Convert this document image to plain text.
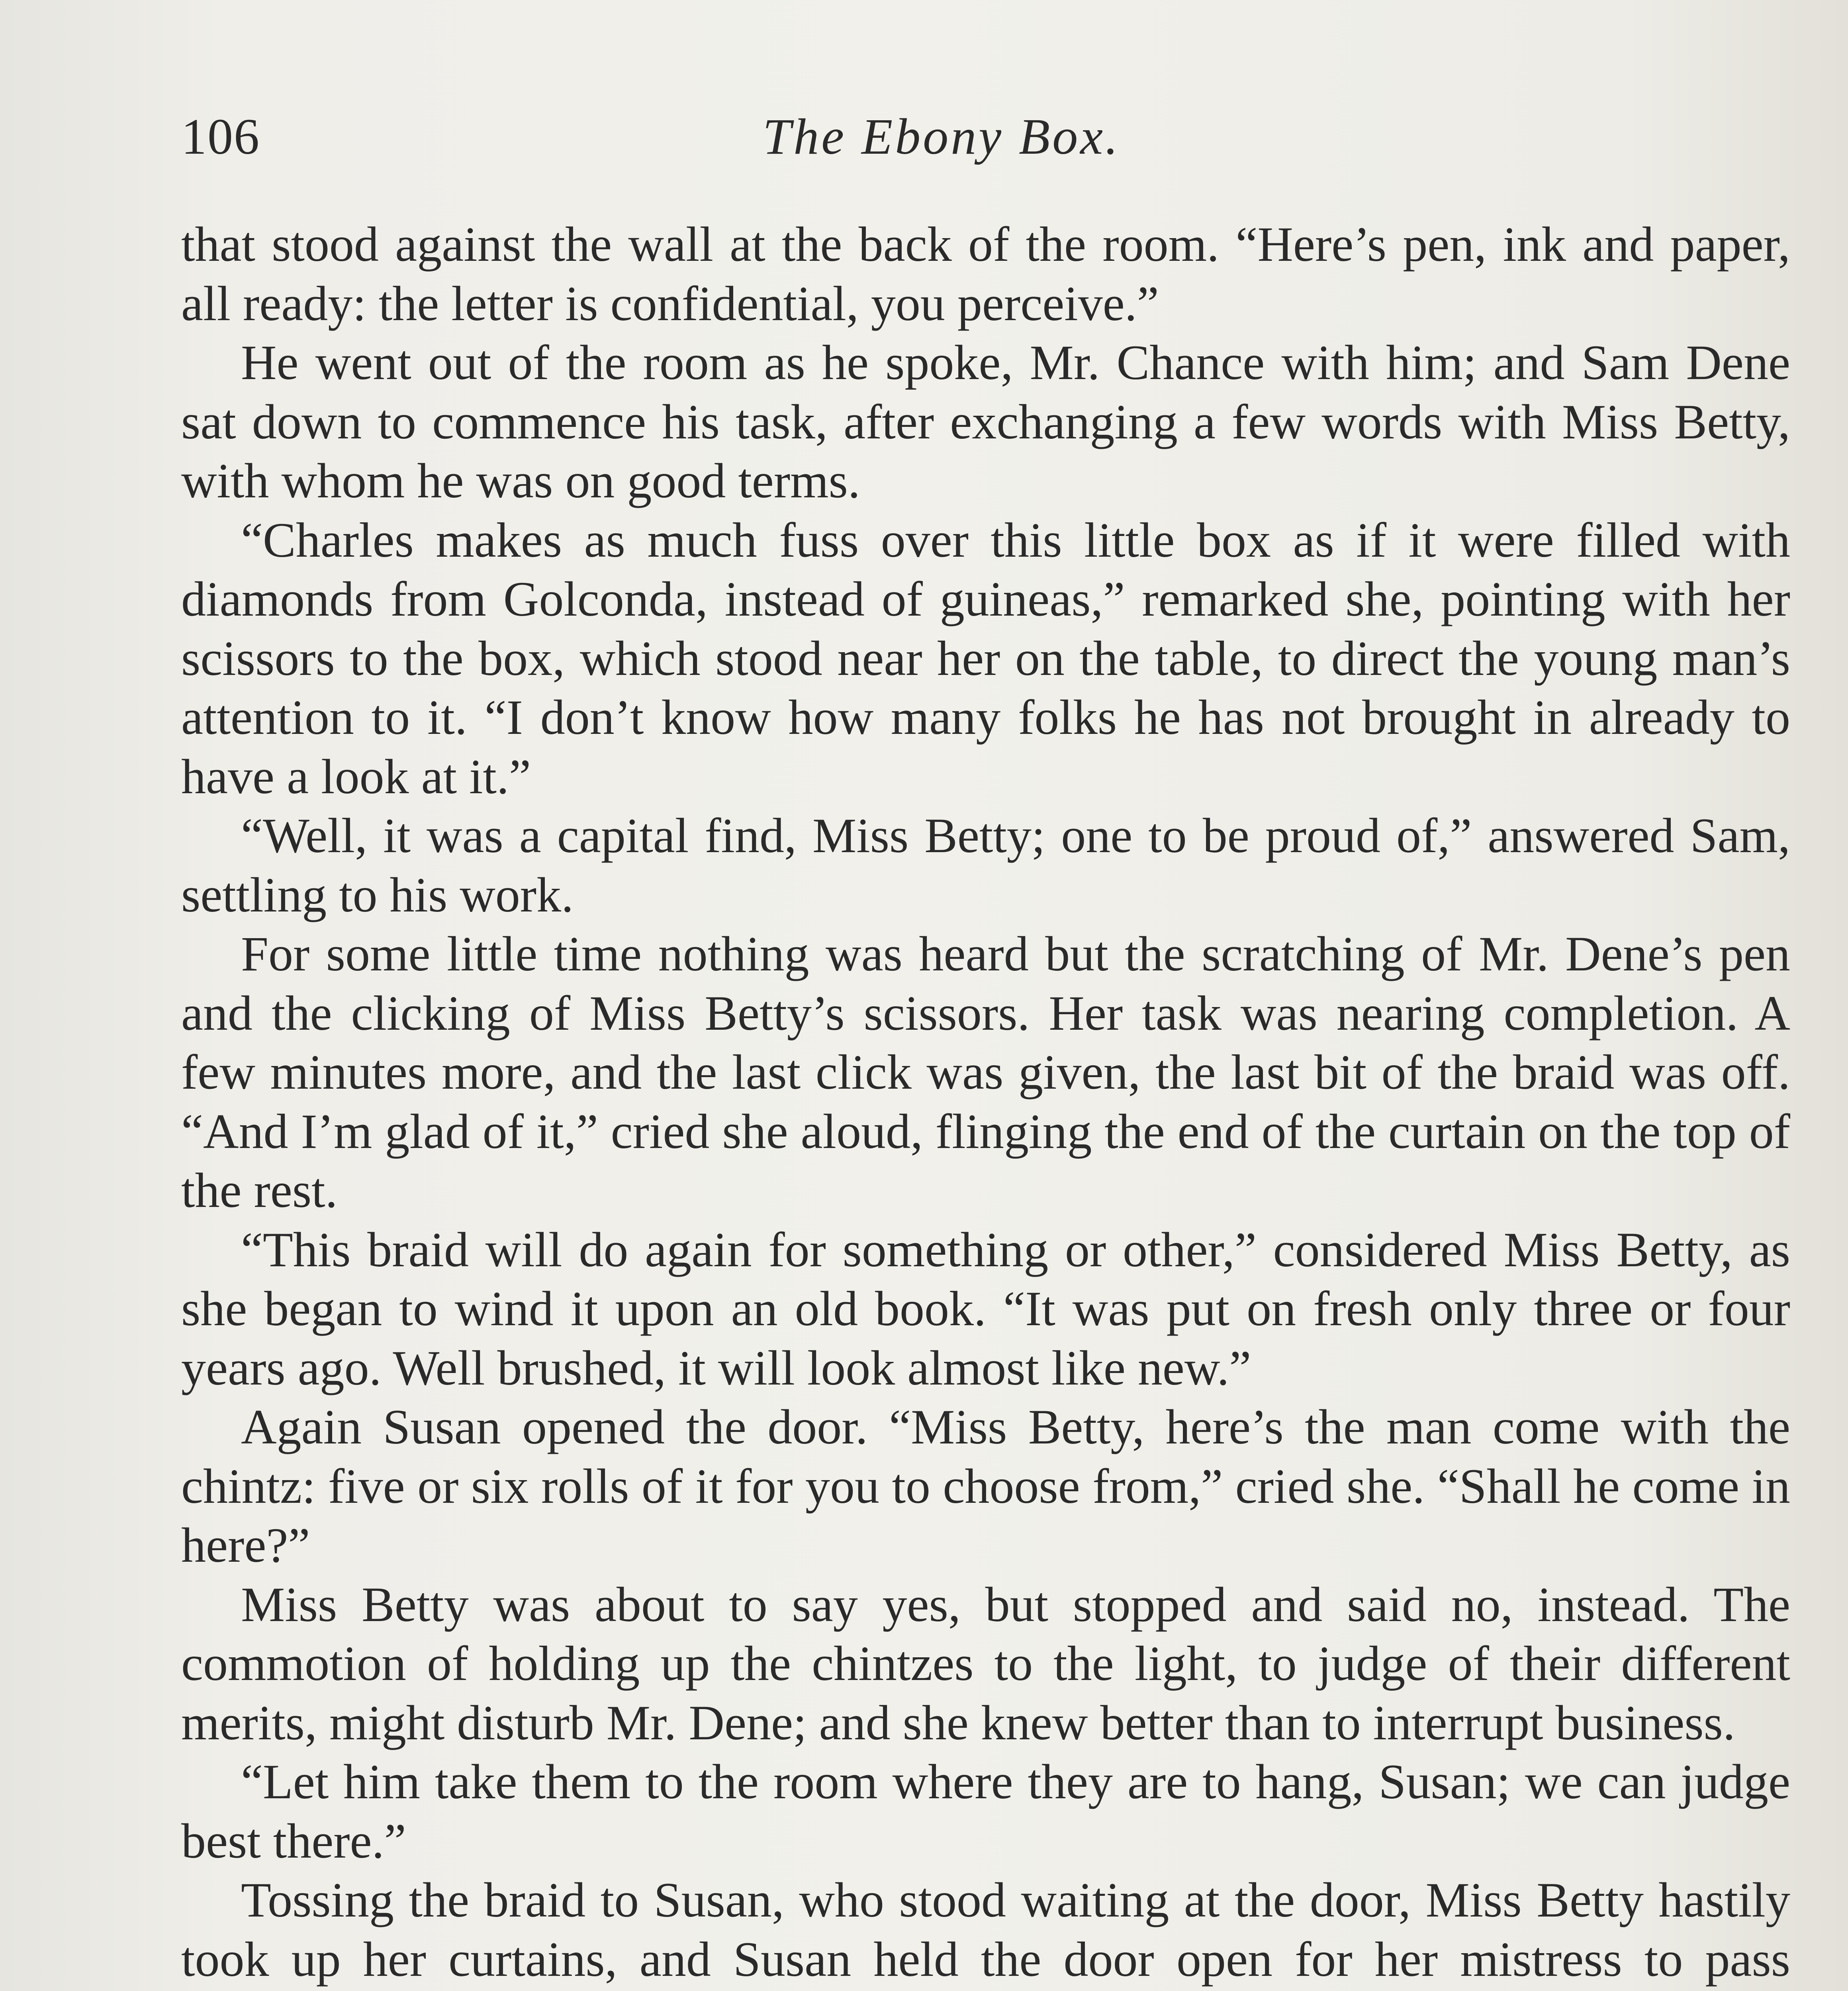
106	The Ebony Box.

that stood against the wall at the back of the room. “Here’s pen, ink and paper, all ready: the letter is confidential, you perceive.”

He went out of the room as he spoke, Mr. Chance with him; and Sam Dene sat down to commence his task, after exchanging a few words with Miss Betty, with whom he was on good terms.

“Charles makes as much fuss over this little box as if it were filled with diamonds from Golconda, instead of guineas,” remarked she, pointing with her scissors to the box, which stood near her on the table, to direct the young man’s attention to it. “I don’t know how many folks he has not brought in already to have a look at it.”

“Well, it was a capital find, Miss Betty; one to be proud of,” answered Sam, settling to his work.

For some little time nothing was heard but the scratching of Mr. Dene’s pen and the clicking of Miss Betty’s scissors. Her task was nearing completion. A few minutes more, and the last click was given, the last bit of the braid was off. “And I’m glad of it,” cried she aloud, flinging the end of the curtain on the top of the rest.

“This braid will do again for something or other,” considered Miss Betty, as she began to wind it upon an old book. “It was put on fresh only three or four years ago. Well brushed, it will look almost like new.”

Again Susan opened the door. “Miss Betty, here’s the man come with the chintz: five or six rolls of it for you to choose from,” cried she. “Shall he come in here?”

Miss Betty was about to say yes, but stopped and said no, instead. The commotion of holding up the chintzes to the light, to judge of their different merits, might disturb Mr. Dene; and she knew better than to interrupt business.

“Let him take them to the room where they are to hang, Susan; we can judge best there.”

Tossing the braid to Susan, who stood waiting at the door, Miss Betty hastily took up her curtains, and Susan held the door open for her mistress to pass
